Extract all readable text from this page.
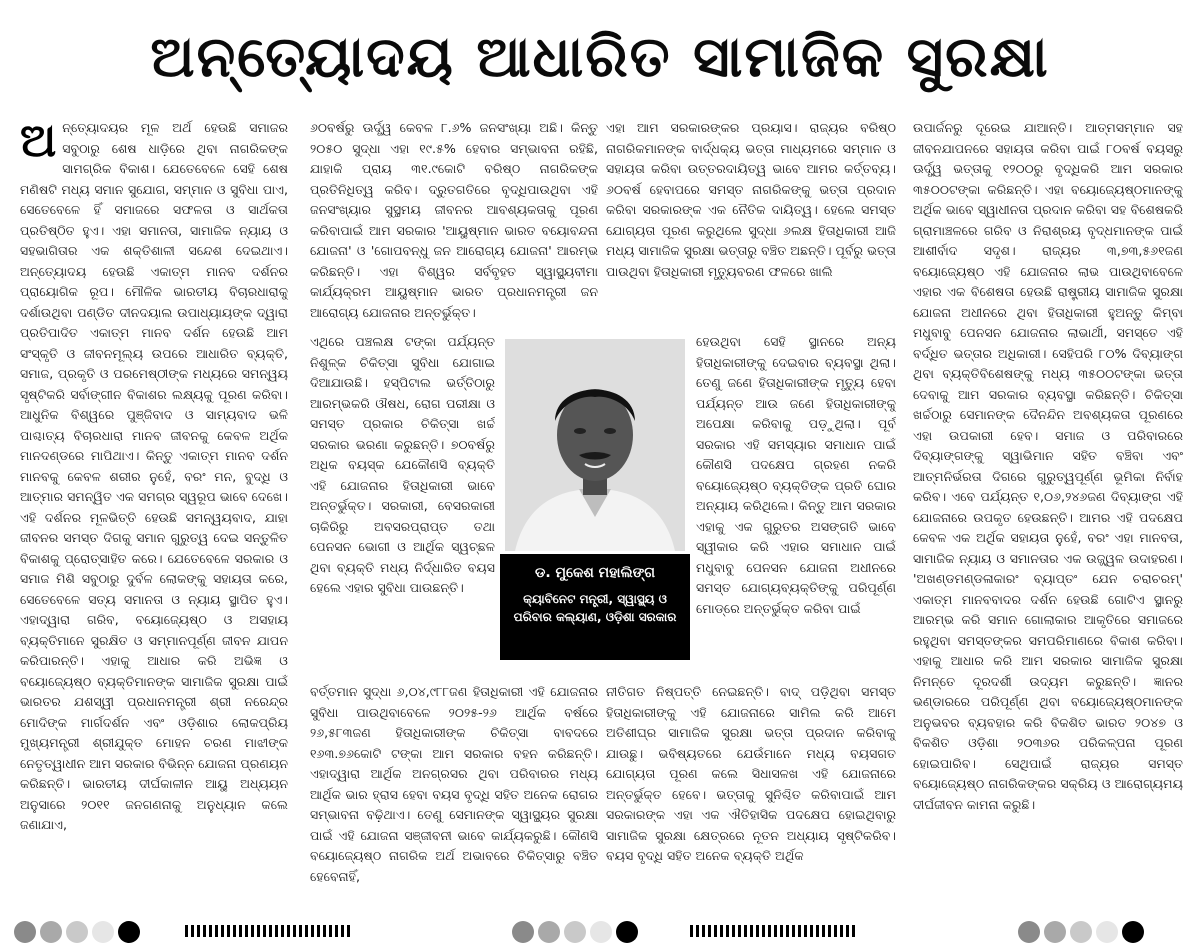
ଅନ୍ତ୍ୟୋଦୟ ଆଧାରିତ ସାମାଜିକ ସୁରକ୍ଷା

ଅନ୍ତ୍ୟୋଦୟର ମୂଳ ଅର୍ଥ ହେଉଛି ସମାଜର ସବୁଠାରୁ ଶେଷ ଧାଡ଼ିରେ ଥିବା ନାଗରିକଙ୍କ ସାମଗ୍ରିକ ବିକାଶ। ଯେତେବେଳେ ସେହି ଶେଷ ମଣିଷଟି ମଧ୍ୟ ସମାନ ସୁଯୋଗ, ସମ୍ମାନ ଓ ସୁବିଧା ପାଏ, ସେତେବେଳେ ହିଁ ସମାଜରେ ସଫଳତା ଓ ସାର୍ଥକତା ପ୍ରତିଷ୍ଠିତ ହୁଏ। ଏହା ସମାନତା, ସାମାଜିକ ନ୍ୟାୟ ଓ ସହଭାଗିତାର ଏକ ଶକ୍ତିଶାଳୀ ସନ୍ଦେଶ ଦେଇଥାଏ। ଅନ୍ତ୍ୟୋଦୟ ହେଉଛି ଏକାତ୍ମ ମାନବ ଦର୍ଶନର ପ୍ରାୟୋଗିକ ରୂପ। ମୌଳିକ ଭାରତୀୟ ବିଚାରଧାରାକୁ ଦର୍ଶାଉଥିବା ପଣ୍ଡିତ ଦୀନଦୟାଲ ଉପାଧ୍ୟାୟଙ୍କ ଦ୍ୱାରା ପ୍ରତିପାଦିତ ଏକାତ୍ମ ମାନବ ଦର୍ଶନ ହେଉଛି ଆମ ସଂସ୍କୃତି ଓ ଜୀବନମୂଲ୍ୟ ଉପରେ ଆଧାରିତ ବ୍ୟକ୍ତି, ସମାଜ, ପ୍ରକୃତି ଓ ପରମେଷ୍ଠୀଙ୍କ ମଧ୍ୟରେ ସମନ୍ୱୟ ସୃଷ୍ଟିକରି ସର୍ବାଙ୍ଗୀନ ବିକାଶର ଲକ୍ଷ୍ୟକୁ ପୂରଣ କରିବା। ଆଧୁନିକ ବିଶ୍ୱରେ ପୁଞ୍ଜିବାଦ ଓ ସାମ୍ୟବାଦ ଭଳି ପାଶ୍ଚାତ୍ୟ ବିଚାରଧାରା ମାନବ ଜୀବନକୁ କେବଳ ଅର୍ଥିକ ମାନଦଣ୍ଡରେ ମାପିଥାଏ। କିନ୍ତୁ ଏକାତ୍ମ ମାନବ ଦର୍ଶନ ମାନବକୁ କେବଳ ଶରୀର ନୁହେଁ, ବରଂ ମନ, ବୁଦ୍ଧି ଓ ଆତ୍ମାର ସମନ୍ୱିତ ଏକ ସମଗ୍ର ସ୍ୱରୂପ ଭାବେ ଦେଖେ। ଏହି ଦର୍ଶନର ମୂଳଭିତ୍ତି ହେଉଛି ସମନ୍ୱୟବାଦ, ଯାହା ଜୀବନର ସମସ୍ତ ଦିଗକୁ ସମାନ ଗୁରୁତ୍ୱ ଦେଇ ସନ୍ତୁଳିତ ବିକାଶକୁ ପ୍ରୋତ୍ସାହିତ କରେ। ଯେତେବେଳେ ସରକାର ଓ ସମାଜ ମିଶି ସବୁଠାରୁ ଦୁର୍ବଳ ଲୋକଙ୍କୁ ସହାୟତା କରେ, ସେତେବେଳେ ସତ୍ୟ ସମାନତା ଓ ନ୍ୟାୟ ସ୍ଥାପିତ ହୁଏ। ଏହାଦ୍ୱାରା ଗରିବ, ବୟୋଜ୍ୟେଷ୍ଠ ଓ ଅସହାୟ ବ୍ୟକ୍ତିମାନେ ସୁରକ୍ଷିତ ଓ ସମ୍ମାନପୂର୍ଣ୍ଣ ଜୀବନ ଯାପନ କରିପାରନ୍ତି। ଏହାକୁ ଆଧାର କରି ଅଭିଜ୍ଞ ଓ ବୟୋଜ୍ୟେଷ୍ଠ ବ୍ୟକ୍ତିମାନଙ୍କ ସାମାଜିକ ସୁରକ୍ଷା ପାଇଁ ଭାରତର ଯଶସ୍ୱୀ ପ୍ରଧାନମନ୍ତ୍ରୀ ଶ୍ରୀ ନରେନ୍ଦ୍ର ମୋଦିଙ୍କ ମାର୍ଗଦର୍ଶନ ଏବଂ ଓଡ଼ିଶାର ଲୋକପ୍ରିୟ ମୁଖ୍ୟମନ୍ତ୍ରୀ ଶ୍ରୀଯୁକ୍ତ ମୋହନ ଚରଣ ମାଝୀଙ୍କ ନେତୃତ୍ୱାଧୀନ ଆମ ସରକାର ବିଭିନ୍ନ ଯୋଜନା ପ୍ରଣୟନ କରିଛନ୍ତି। ଭାରତୀୟ ଦୀର୍ଘକାଳୀନ ଆୟୁ ଅଧ୍ୟୟନ ଅନୁସାରେ ୨୦୧୧ ଜନଗଣନାକୁ ଅନୁଧ୍ୟାନ କଲେ ଜଣାଯାଏ,

୬୦ବର୍ଷରୁ ଊର୍ଦ୍ଧ୍ୱ କେବଳ ୮.୬% ଜନସଂଖ୍ୟା ଅଛି। କିନ୍ତୁ ୨୦୫୦ ସୁଦ୍ଧା ଏହା ୧୯.୫% ହେବାର ସମ୍ଭାବନା ରହିଛି, ଯାହାକି ପ୍ରାୟ ୩୧.୯କୋଟି ବରିଷ୍ଠ ନାଗରିକଙ୍କ ପ୍ରତିନିଧିତ୍ୱ କରିବ। ଦ୍ରୁତଗତିରେ ବୃଦ୍ଧିପାଉଥିବା ଏହି ଜନସଂଖ୍ୟାର ସୁସ୍ଥମୟ ଜୀବନର ଆବଶ୍ୟକତାକୁ ପୂରଣ କରିବାପାଇଁ ଆମ ସରକାର 'ଆୟୁଷ୍ମାନ ଭାରତ ବୟୋବନ୍ଦନା ଯୋଜନା' ଓ 'ଗୋପବନ୍ଧୁ ଜନ ଆରୋଗ୍ୟ ଯୋଜନା' ଆରମ୍ଭ କରିଛନ୍ତି। ଏହା ବିଶ୍ୱର ସର୍ବବୃହତ ସ୍ୱାସ୍ଥ୍ୟବୀମା କାର୍ଯ୍ୟକ୍ରମ ଆୟୁଷ୍ମାନ ଭାରତ ପ୍ରଧାନମନ୍ତ୍ରୀ ଜନ ଆରୋଗ୍ୟ ଯୋଜନାର ଅନ୍ତର୍ଭୁକ୍ତ।

ଏଥିରେ ପଞ୍ଚଲକ୍ଷ ଟଙ୍କା ପର୍ଯ୍ୟନ୍ତ ନିଶୁଳ୍କ ଚିକିତ୍ସା ସୁବିଧା ଯୋଗାଇ ଦିଆଯାଉଛି। ହସ୍ପିଟାଲ ଭର୍ତ୍ତିଠାରୁ ଆରମ୍ଭକରି ଔଷଧ, ରୋଗ ପରୀକ୍ଷା ଓ ସମସ୍ତ ପ୍ରକାର ଚିକିତ୍ସା ଖର୍ଚ୍ଚ ସରକାର ଭରଣା କରୁଛନ୍ତି। ୭୦ବର୍ଷରୁ ଅଧିକ ବୟସ୍କ ଯେକୌଣସି ବ୍ୟକ୍ତି ଏହି ଯୋଜନାର ହିତାଧିକାରୀ ଭାବେ ଅନ୍ତର୍ଭୁକ୍ତ। ସରକାରୀ, ବେସରକାରୀ ଚାକିରିରୁ ଅବସରପ୍ରାପ୍ତ ତଥା ପେନସନ ଭୋଗୀ ଓ ଆର୍ଥିକ ସ୍ୱଚ୍ଛଳ ଥିବା ବ୍ୟକ୍ତି ମଧ୍ୟ ନିର୍ଦ୍ଧାରିତ ବୟସ ହେଲେ ଏହାର ସୁବିଧା ପାଉଛନ୍ତି।

ବର୍ତ୍ତମାନ ସୁଦ୍ଧା ୬,୦୪,୯୮୮ଜଣ ହିତାଧିକାରୀ ଏହି ଯୋଜନାର ସୁବିଧା ପାଉଥିବାବେଳେ ୨୦୨୫-୨୬ ଆର୍ଥିକ ବର୍ଷରେ ୨୬,୫୮୩ଜଣ ହିତାଧିକାରୀଙ୍କ ଚିକିତ୍ସା ବାବଦରେ ୧୬୩.୭୬କୋଟି ଟଙ୍କା ଆମ ସରକାର ବହନ କରିଛନ୍ତି। ଏହାଦ୍ୱାରା ଆର୍ଥିକ ଅନଗ୍ରସର ଥିବା ପରିବାରର ମଧ୍ୟ ଆର୍ଥିକ ଭାର ହ୍ରାସ ହେବା ବୟସ ବୃଦ୍ଧି ସହିତ ଅନେକ ରୋଗର ସମ୍ଭାବନା ବଢ଼ିଥାଏ। ତେଣୁ ସେମାନଙ୍କ ସ୍ୱାସ୍ଥ୍ୟର ସୁରକ୍ଷା ପାଇଁ ଏହି ଯୋଜନା ସଞ୍ଜୀବନୀ ଭାବେ କାର୍ଯ୍ୟକରୁଛି। କୌଣସି ବୟୋଜ୍ୟେଷ୍ଠ ନାଗରିକ ଅର୍ଥ ଅଭାବରେ ଚିକିତ୍ସାରୁ ବଞ୍ଚିତ ହେବେନାହିଁ,

ଏହା ଆମ ସରକାରଙ୍କର ପ୍ରୟାସ। ରାଜ୍ୟର ବରିଷ୍ଠ ନାଗରିକମାନଙ୍କ ବାର୍ଦ୍ଧକ୍ୟ ଭତ୍ତା ମାଧ୍ୟମରେ ସମ୍ମାନ ଓ ସହାୟତା କରିବା ଉତ୍ତରଦାୟିତ୍ୱ ଭାବେ ଆମର କର୍ତ୍ତବ୍ୟ। ୬୦ବର୍ଷ ହେବାପରେ ସମସ୍ତ ନାଗରିକଙ୍କୁ ଭତ୍ତା ପ୍ରଦାନ କରିବା ସରକାରଙ୍କ ଏକ ନୈତିକ ଦାୟିତ୍ୱ। ହେଲେ ସମସ୍ତ ଯୋଗ୍ୟତା ପୂରଣ କରୁଥିଲେ ସୁଦ୍ଧା ୬ଲକ୍ଷ ହିତାଧିକାରୀ ଆଜି ମଧ୍ୟ ସାମାଜିକ ସୁରକ୍ଷା ଭତ୍ତାରୁ ବଞ୍ଚିତ ଅଛନ୍ତି। ପୂର୍ବରୁ ଭତ୍ତା ପାଉଥିବା ହିତାଧିକାରୀ ମୃତ୍ୟୁବରଣ ଫଳରେ ଖାଲି

ହେଉଥିବା ସେହି ସ୍ଥାନରେ ଅନ୍ୟ ହିତାଧିକାରୀଙ୍କୁ ଦେଇବାର ବ୍ୟବସ୍ଥା ଥିଲା। ତେଣୁ ଜଣେ ହିତାଧିକାରୀଙ୍କ ମୃତ୍ୟୁ ହେବା ପର୍ଯ୍ୟନ୍ତ ଆଉ ଜଣେ ହିତାଧିକାରୀଙ୍କୁ ଅପେକ୍ଷା କରିବାକୁ ପଡ଼ୁଥିଲା। ପୂର୍ବ ସରକାର ଏହି ସମସ୍ୟାର ସମାଧାନ ପାଇଁ କୌଣସି ପଦକ୍ଷେପ ଗ୍ରହଣ ନକରି ବୟୋଜ୍ୟେଷ୍ଠ ବ୍ୟକ୍ତିଙ୍କ ପ୍ରତି ଘୋର ଅନ୍ୟାୟ କରିଥିଲେ। କିନ୍ତୁ ଆମ ସରକାର ଏହାକୁ ଏକ ଗୁରୁତର ଅସଙ୍ଗତି ଭାବେ ସ୍ୱୀକାର କରି ଏହାର ସମାଧାନ ପାଇଁ ମଧୁବାବୁ ପେନସନ ଯୋଜନା ଅଧୀନରେ ସମସ୍ତ ଯୋଗ୍ୟବ୍ୟକ୍ତିଙ୍କୁ ପରିପୂର୍ଣ୍ଣ ମୋଡ୍‌ରେ ଅନ୍ତର୍ଭୁକ୍ତ କରିବା ପାଇଁ

ନୀତିଗତ ନିଷ୍ପତ୍ତି ନେଇଛନ୍ତି। ବାଦ୍ ପଡ଼ିଥିବା ସମସ୍ତ ହିତାଧିକାରୀଙ୍କୁ ଏହି ଯୋଜନାରେ ସାମିଲ କରି ଆମେ ଅତିଶୀଘ୍ର ସାମାଜିକ ସୁରକ୍ଷା ଭତ୍ତା ପ୍ରଦାନ କରିବାକୁ ଯାଉଛୁ। ଭବିଷ୍ୟତରେ ଯେଉଁମାନେ ମଧ୍ୟ ବୟସଗତ ଯୋଗ୍ୟତା ପୂରଣ କଲେ ସିଧାସଳଖ ଏହି ଯୋଜନାରେ ଅନ୍ତର୍ଭୁକ୍ତ ହେବେ। ଭତ୍ତାକୁ ସୁନିଶ୍ଚିତ କରିବାପାଇଁ ଆମ ସରକାରଙ୍କ ଏହା ଏକ ଐତିହାସିକ ପଦକ୍ଷେପ ହୋଇଥିବାରୁ ସାମାଜିକ ସୁରକ୍ଷା କ୍ଷେତ୍ରରେ ନୂତନ ଅଧ୍ୟାୟ ସୃଷ୍ଟିକରିବ। ବୟସ ବୃଦ୍ଧି ସହିତ ଅନେକ ବ୍ୟକ୍ତି ଅର୍ଥିକ

ଉପାର୍ଜନରୁ ଦୂରେଇ ଯାଆନ୍ତି। ଆତ୍ମସମ୍ମାନ ସହ ଜୀବନଯାପନରେ ସହାୟତା କରିବା ପାଇଁ ୮୦ବର୍ଷ ବୟସରୁ ଊର୍ଦ୍ଧ୍ୱ ଭତ୍ତାକୁ ୧୨୦୦ରୁ ବୃଦ୍ଧିକରି ଆମ ସରକାର ୩୫୦୦ଟଙ୍କା କରିଛନ୍ତି। ଏହା ବୟୋଜ୍ୟେଷ୍ଠମାନଙ୍କୁ ଅର୍ଥିକ ଭାବେ ସ୍ୱାଧୀନତା ପ୍ରଦାନ କରିବା ସହ ବିଶେଷକରି ଗ୍ରାମାଞ୍ଚଳରେ ଗରିବ ଓ ନିରାଶ୍ରୟ ବୃଦ୍ଧମାନଙ୍କ ପାଇଁ ଆଶୀର୍ବାଦ ସଦୃଶ। ରାଜ୍ୟର ୩,୭୩,୫୬୧ଜଣ ବୟୋଜ୍ୟେଷ୍ଠ ଏହି ଯୋଜନାର ଲାଭ ପାଉଥିବାବେଳେ ଏହାର ଏକ ବିଶେଷତା ହେଉଛି ରାଷ୍ଟ୍ରୀୟ ସାମାଜିକ ସୁରକ୍ଷା ଯୋଜନା ଅଧୀନରେ ଥିବା ହିତାଧିକାରୀ ହୁଅନ୍ତୁ କିମ୍ବା ମଧୁବାବୁ ପେନସନ ଯୋଜନାର ଲାଭାର୍ଥୀ, ସମସ୍ତେ ଏହି ବର୍ଦ୍ଧିତ ଭତ୍ତାର ଅଧିକାରୀ। ସେହିପରି ୮୦% ଦିବ୍ୟାଙ୍ଗ ଥିବା ବ୍ୟକ୍ତିବିଶେଷଙ୍କୁ ମଧ୍ୟ ୩୫୦୦ଟଙ୍କା ଭତ୍ତା ଦେବାକୁ ଆମ ସରକାର ବ୍ୟବସ୍ଥା କରିଛନ୍ତି। ଚିକିତ୍ସା ଖର୍ଚ୍ଚଠାରୁ ସେମାନଙ୍କ ଦୈନନ୍ଦିନ ଅବଶ୍ୟକତା ପୂରଣରେ ଏହା ଉପକାରୀ ହେବ। ସମାଜ ଓ ପରିବାରରେ ଦିବ୍ୟାଙ୍ଗଙ୍କୁ ସ୍ୱାଭିମାନ ସହିତ ବଞ୍ଚିବା ଏବଂ ଆତ୍ମନିର୍ଭରତା ଦିଗରେ ଗୁରୁତ୍ୱପୂର୍ଣ୍ଣ ଭୂମିକା ନିର୍ବାହ କରିବ। ଏବେ ପର୍ଯ୍ୟନ୍ତ ୧,୦୬,୨୪୬ଜଣ ଦିବ୍ୟାଙ୍ଗ ଏହି ଯୋଜନାରେ ଉପକୃତ ହେଉଛନ୍ତି। ଆମର ଏହି ପଦକ୍ଷେପ କେବଳ ଏକ ଅର୍ଥିକ ସହାୟତା ନୁହେଁ, ବରଂ ଏହା ମାନବତା, ସାମାଜିକ ନ୍ୟାୟ ଓ ସମାନତାର ଏକ ଉଜ୍ଜ୍ୱଳ ଉଦାହରଣ। 'ଅଖଣ୍ଡମଣ୍ଡଳାକାରଂ ବ୍ୟାପ୍ତଂ ଯେନ ଚରାଚରମ୍' ଏକାତ୍ମ ମାନବବାଦର ଦର୍ଶନ ହେଉଛି ଗୋଟିଏ ସ୍ଥାନରୁ ଆରମ୍ଭ କରି ସମାନ ଗୋଲାକାର ଆକୃତିରେ ସମାଜରେ ରହୁଥିବା ସମସ୍ତଙ୍କର ସମପରିମାଣରେ ବିକାଶ କରିବା। ଏହାକୁ ଆଧାର କରି ଆମ ସରକାର ସାମାଜିକ ସୁରକ୍ଷା ନିମନ୍ତେ ଦୂରଦର୍ଶୀ ଉଦ୍ୟମ କରୁଛନ୍ତି। ଜ୍ଞାନର ଭଣ୍ଡାରରେ ପରିପୂର୍ଣ୍ଣ ଥିବା ବୟୋଜ୍ୟେଷ୍ଠମାନଙ୍କ ଅନୁଭବର ବ୍ୟବହାର କରି ବିକଶିତ ଭାରତ ୨୦୪୭ ଓ ବିକଶିତ ଓଡ଼ିଶା ୨୦୩୬ର ପରିକଳ୍ପନା ପୂରଣ ହୋଇପାରିବ। ସେଥିପାଇଁ ରାଜ୍ୟର ସମସ୍ତ ବୟୋଜ୍ୟେଷ୍ଠ ନାଗରିକଙ୍କର ସକ୍ରିୟ ଓ ଆରୋଗ୍ୟମୟ ଦୀର୍ଘଜୀବନ କାମନା କରୁଛି।

ଡ. ମୁକେଶ ମହାଲିଙ୍ଗ
କ୍ୟାବିନେଟ ମନ୍ତ୍ରୀ, ସ୍ୱାସ୍ଥ୍ୟ ଓ ପରିବାର କଲ୍ୟାଣ, ଓଡ଼ିଶା ସରକାର
